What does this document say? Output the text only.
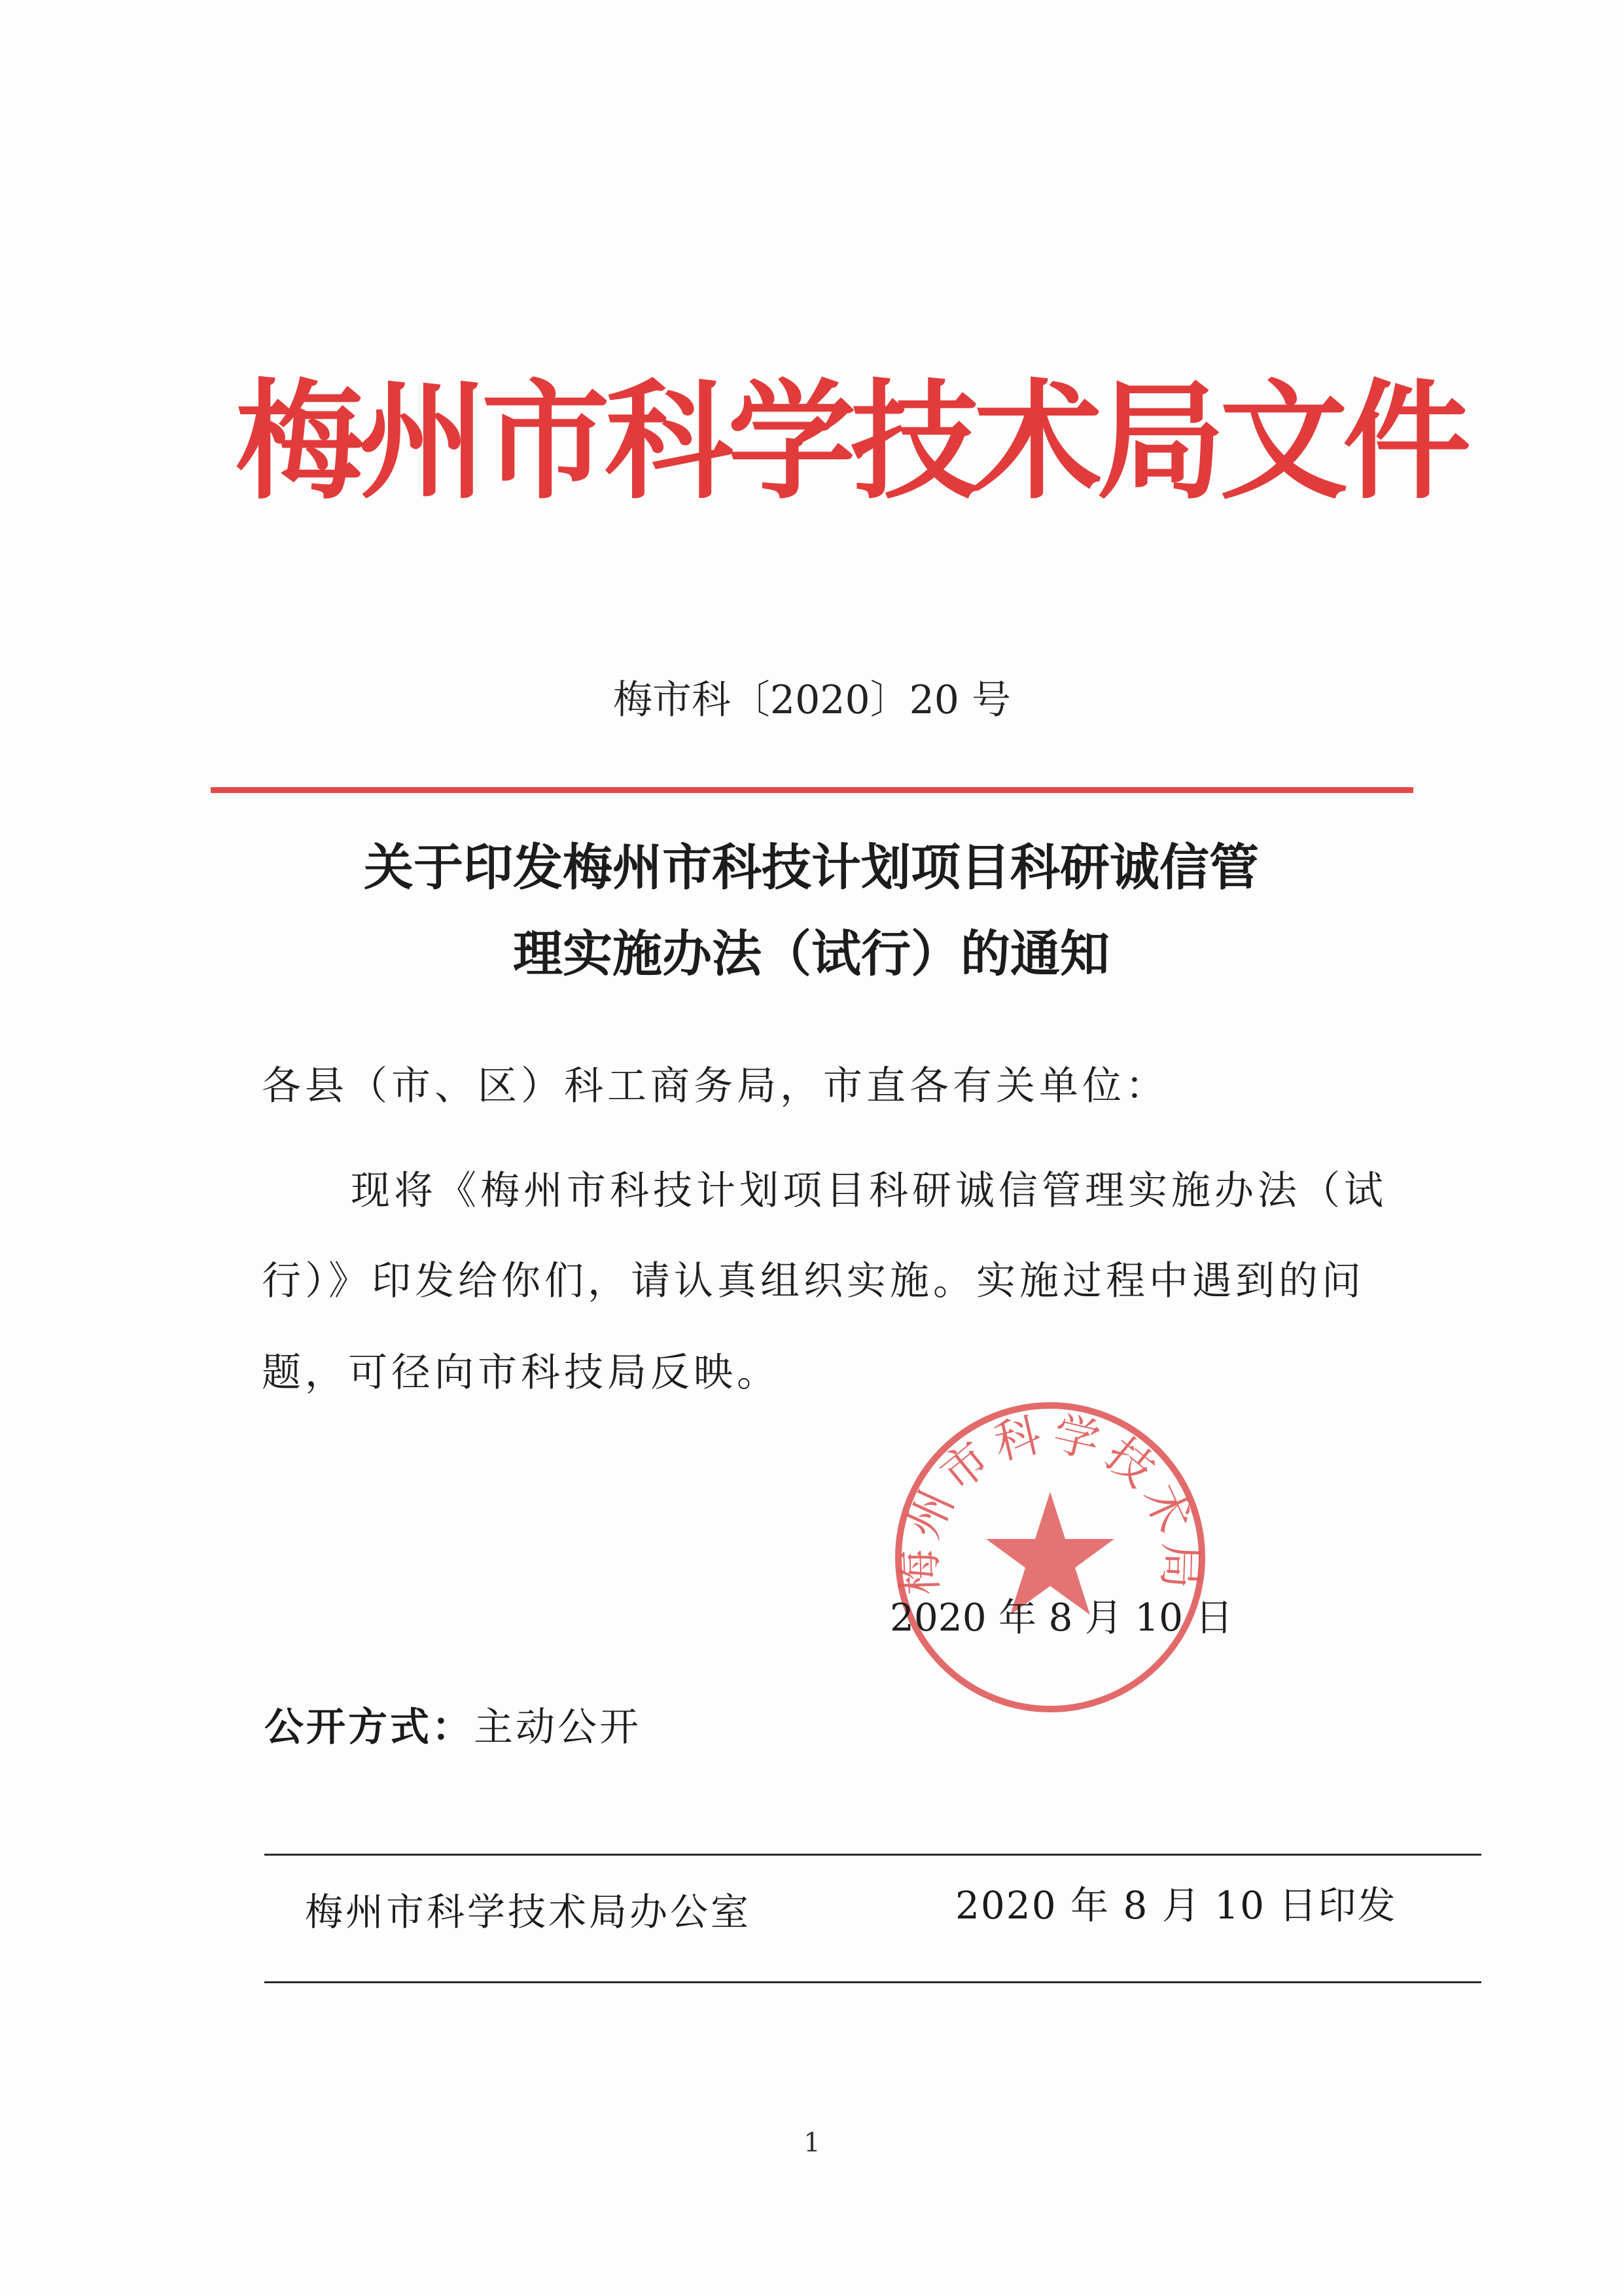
梅州市科学技术局文件
梅市科〔2020〕20 号
关于印发梅州市科技计划项目科研诚信管
理实施办法（试行）的通知
各县（市、区）科工商务局，市直各有关单位：
现将《梅州市科技计划项目科研诚信管理实施办法（试
行）》印发给你们，请认真组织实施。实施过程中遇到的问
题，可径向市科技局反映。
梅州市科学技术局
2020 年 8 月 10 日
公开方式：主动公开
梅州市科学技术局办公室	2020 年 8 月 10 日印发
1
